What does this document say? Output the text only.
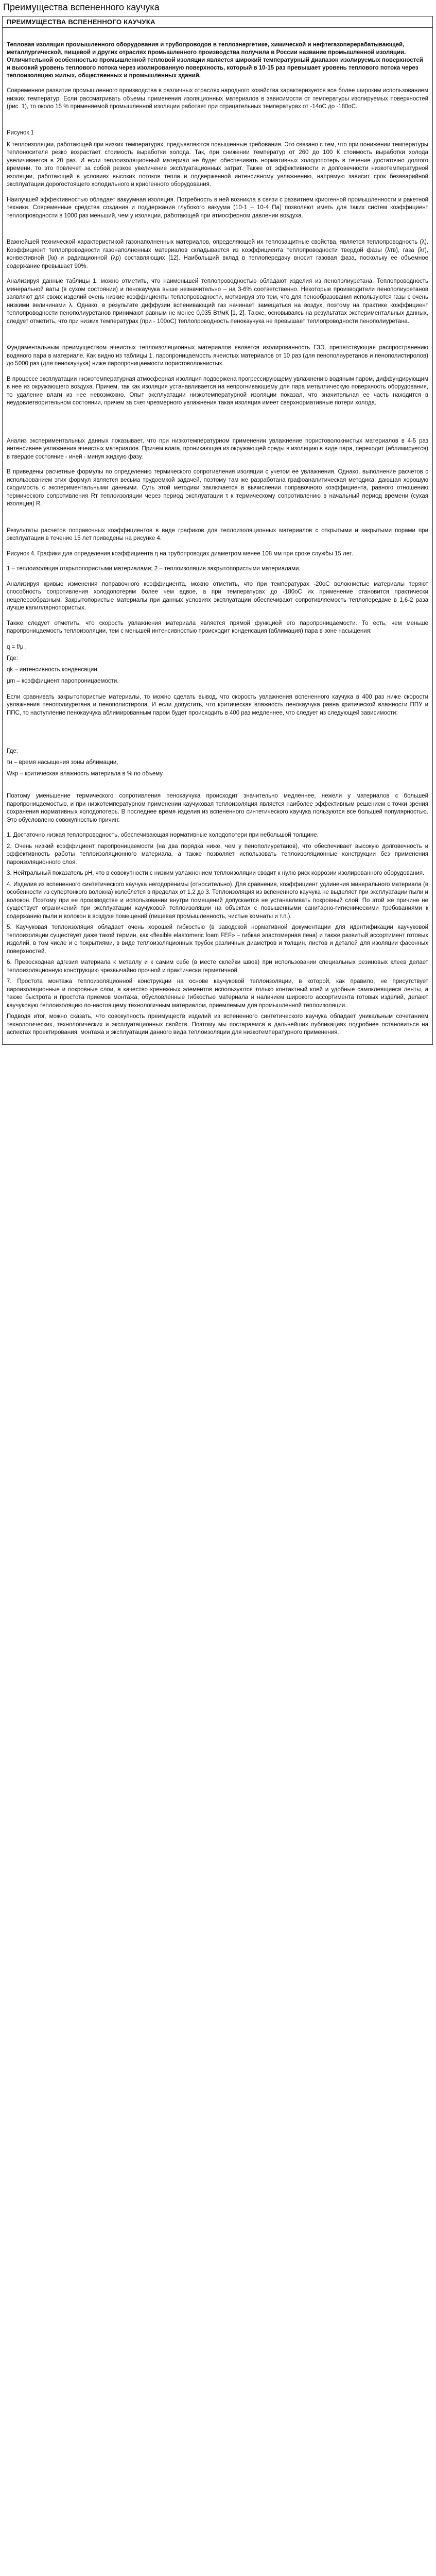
Преимущества вспененного каучука
ПРЕИМУЩЕСТВА ВСПЕНЕННОГО КАУЧУКА

Тепловая изоляция промышленного оборудования и трубопроводов в теплоэнергетике, химической и нефтегазоперерабатывающей, металлургической, пищевой и других отраслях промышленного производства получила в России название промышленной изоляции. Отличительной особенностью промышленной тепловой изоляции является широкий температурный диапазон изолируемых поверхностей и высокий уровень теплового потока через изолированную поверхность, который в 10-15 раз превышает уровень теплового потока через теплоизоляцию жилых, общественных и промышленных зданий.

Современное развитие промышленного производства в различных отраслях народного хозяйства характеризуется все более широким использованием низких температур. Если рассматривать объемы применения изоляционных материалов в зависимости от температуры изолируемых поверхностей (рис. 1), то около 15 % применяемой промышленной изоляции работает при отрицательных температурах от -14оС до -180оС.

Рисунок 1

К теплоизоляции, работающей при низких температурах, предъявляются повышенные требования. Это связано с тем, что при понижении температуры теплоносителя резко возрастает стоимость выработки холода. Так, при снижении температур от 260 до 100 К стоимость выработки холода увеличивается в 20 раз. И если теплоизоляционный материал не будет обеспечивать нормативных холодопотерь в течение достаточно долгого времени, то это повлечет за собой резкое увеличение эксплуатационных затрат. Также от эффективности и долговечности низкотемпературной изоляции, работающей в условиях высоких потоков тепла и подверженной интенсивному увлажнению, напрямую зависит срок безаварийной эксплуатации дорогостоящего холодильного и криогенного оборудования.

Наилучшей эффективностью обладает вакуумная изоляция. Потребность в ней возникла в связи с развитием криогенной промышленности и ракетной техники. Современные средства создания и поддержания глубокого вакуума (10-1 – 10-4 Па) позволяют иметь для таких систем коэффициент теплопроводности в 1000 раз меньший, чем у изоляции, работающей при атмосферном давлении воздуха.

Важнейшей технической характеристикой газонаполненных материалов, определяющей их теплозащитные свойства, является теплопроводность (λ). Коэффициент теплопроводности газонаполненных материалов складывается из коэффициента теплопроводности твердой фазы (λтв), газа (λг), конвективной (λк) и радиационной (λр) составляющих [12]. Наибольший вклад в теплопередачу вносит газовая фаза, поскольку ее объемное содержание превышает 90%.

Анализируя данные таблицы 1, можно отметить, что наименьшей теплопроводностью обладают изделия из пенополиуретана. Теплопроводность минеральной ваты (в сухом состоянии) и пенокаучука выше незначительно – на 3-6% соответственно. Некоторые производители пенополиуретанов заявляют для своих изделий очень низкие коэффициенты теплопроводности, мотивируя это тем, что для пенообразования используются газы с очень низкими величинами λ. Однако, в результате диффузии вспенивающий газ начинает замещаться на воздух, поэтому на практике коэффициент теплопроводности пенополиуретанов принимают равным не менее 0,035 Вт/мК [1, 2]. Также, основываясь на результатах экспериментальных данных, следует отметить, что при низких температурах (при - 100оС) теплопроводность пенокаучука не превышает теплопроводности пенополиуретана.

Фундаментальным преимуществом ячеистых теплоизоляционных материалов является изолированность ГЗЭ, препятствующая распространению водяного пара в материале. Как видно из таблицы 1, паропроницаемость ячеистых материалов от 10 раз (для пенополиуретанов и пенополистиролов) до 5000 раз (для пенокаучука) ниже паропроницаемости пористоволокнистых.

В процессе эксплуатации низкотемпературная атмосферная изоляция подвержена прогрессирующему увлажнению водяным паром, диффундирующим в нее из окружающего воздуха. Причем, так как изоляция устанавливается на непрогнивающему для пара металлическую поверхность оборудования, то удаление влаги из нее невозможно. Опыт эксплуатации низкотемпературной изоляции показал, что значительная ее часть находится в неудовлетворительном состоянии, причем за счет чрезмерного увлажнения такая изоляция имеет сверхнормативные потери холода.

Анализ экспериментальных данных показывает, что при низкотемпературном применении увлажнение пористоволокнистых материалов в 4-5 раз интенсивнее увлажнения ячеистых материалов. Причем влага, проникающая из окружающей среды в изоляцию в виде пара, переходит (аблимируется) в твердое состояние - иней - минуя жидкую фазу.

В приведены расчетные формулы по определению термического сопротивления изоляции с учетом ее увлажнения. Однако, выполнение расчетов с использованием этих формул является весьма трудоемкой задачей, поэтому там же разработана графоаналитическая методика, дающая хорошую сходимость с экспериментальными данными. Суть этой методики заключается в вычислении поправочного коэффициента, равного отношению термического сопротивления Rт теплоизоляции через период эксплуатации τ к термическому сопротивлению в начальный период времени (сухая изоляция) R.

Результаты расчетов поправочных коэффициентов в виде графиков для теплоизоляционных материалов с открытыми и закрытыми порами при эксплуатации в течение 15 лет приведены на рисунке 4.

Рисунок 4. Графики для определения коэффициента η на трубопроводах диаметром менее 108 мм при сроке службы 15 лет.

1 – теплоизоляция открытопористыми материалами; 2 – теплоизоляция закрытопористыми материалами.

Анализируя кривые изменения поправочного коэффициента, можно отметить, что при температурах -20оС волокнистые материалы теряют способность сопротивления холодопотерям более чем вдвое, а при температурах до -180оС их применение становится практически нецелесообразным. Закрытопористые материалы при данных условиях эксплуатации обеспечивают сопротивляемость теплопередаче в 1,6-2 раза лучше капиллярнопористых.

Также следует отметить, что скорость увлажнения материала является прямой функцией его паропроницаемости. То есть, чем меньше паропроницаемость теплоизоляции, тем с меньшей интенсивностью происходит конденсация (аблимация) пара в зоне насыщения:

q = f/μ ,

Где:

qk – интенсивность конденсации,

μm – коэффициент паропроницаемости.

Если сравнивать закрытопористые материалы, то можно сделать вывод, что скорость увлажнения вспененного каучука в 400 раз ниже скорости увлажнения пенополиуретана и пенополистирола. И если допустить, что критическая влажность пенокаучука равна критической влажности ППУ и ППС, то наступление пенокаучука аблимированным паром будет происходить в 400 раз медленнее, что следует из следующей зависимости:

Где:

τн – время насыщения зоны аблимации,

Wкр – критическая влажность материала в % по объему.

Поэтому уменьшение термического сопротивления пенокаучука происходит значительно медленнее, нежели у материалов с большей паропроницаемостью, и при низкотемпературном применении каучуковая теплоизоляция является наиболее эффективным решением с точки зрения сохранения нормативных холодопотерь. В последнее время изделия из вспененного синтетического каучука пользуются все большей популярностью. Это обусловлено совокупностью причин:

1. Достаточно низкая теплопроводность, обеспечивающая нормативные холодопотери при небольшой толщине.

2. Очень низкий коэффициент паропроницаемости (на два порядка ниже, чем у пенополиуретанов), что обеспечивает высокую долговечность и эффективность работы теплоизоляционного материала, а также позволяет использовать теплоизоляционные конструкции без применения пароизоляционного слоя.

3. Нейтральный показатель pH, что в совокупности с низким увлажнением теплоизоляции сводит к нулю риск коррозии изолированного оборудования.

4. Изделия из вспененного синтетического каучука негодоренимы (относительно). Для сравнения, коэффициент удлинения минерального материала (в особенности из супертонкого волокна) колеблется в пределах от 1,2 до 3. Теплоизоляция из вспененного каучука не выделяет при эксплуатации пыли и волокон. Поэтому при ее производстве и использовании внутри помещений допускается не устанавливать покровный слой. По этой же причине не существует ограничений при эксплуатации каучуковой теплоизоляции на объектах с повышенными санитарно-гигиеническими требованиями к содержанию пыли и волокон в воздухе помещений (пищевая промышленность, чистые комнаты и т.п.).

5. Каучуковая теплоизоляция обладает очень хорошей гибкостью (в заводской нормативной документации для идентификации каучуковой теплоизоляции существует даже такой термин, как «flexible elastomeric foam FEF» – гибкая эластомерная пена) и также развитый ассортимент готовых изделий, в том числе и с покрытиями, в виде теплоизоляционных трубок различных диаметров и толщин, листов и деталей для изоляции фасонных поверхностей.

6. Превосходная адгезия материала к металлу и к самим себе (в месте склейки швов) при использовании специальных резиновых клеев делает теплоизоляционную конструкцию чрезвычайно прочной и практически герметичной.

7. Простота монтажа теплоизоляционной конструкции на основе каучуковой теплоизоляции, в которой, как правило, не присутствует пароизоляционные и покровные слои, а качество кренежных элементов используются только контактный клей и удобные самоклеящиеся ленты, а также быстрота и простота приемов монтажа, обусловленные гибкостью материала и наличием широкого ассортимента готовых изделий, делают каучуковую теплоизоляцию по-настоящему технологичным материалом, приемлемым для промышленной теплоизоляции.

Подводя итог, можно сказать, что совокупность преимуществ изделий из вспененного синтетического каучука обладает уникальным сочетанием технологических, технологических и эксплуатационных свойств. Поэтому мы постараемся в дальнейших публикациях подробнее остановиться на аспектах проектирования, монтажа и эксплуатации данного вида теплоизоляции для низкотемпературного применения.
